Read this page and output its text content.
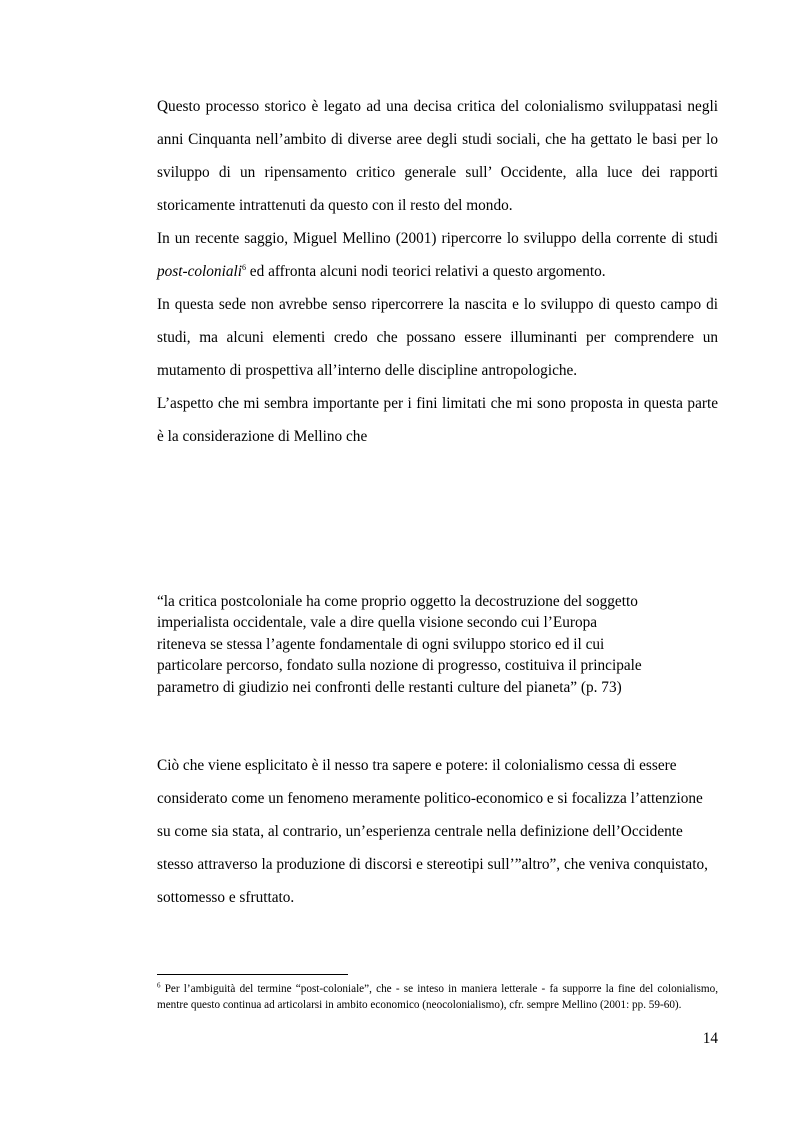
Questo processo storico è legato ad una decisa critica del colonialismo sviluppatasi negli anni Cinquanta nell’ambito di diverse aree degli studi sociali, che ha gettato le basi per lo sviluppo di un ripensamento critico generale sull’ Occidente, alla luce dei rapporti storicamente intrattenuti da questo con il resto del mondo.

In un recente saggio, Miguel Mellino (2001) ripercorre lo sviluppo della corrente di studi post-coloniali$^6$ ed affronta alcuni nodi teorici relativi a questo argomento.

In questa sede non avrebbe senso ripercorrere la nascita e lo sviluppo di questo campo di studi, ma alcuni elementi credo che possano essere illuminanti per comprendere un mutamento di prospettiva all’interno delle discipline antropologiche.

L’aspetto che mi sembra importante per i fini limitati che mi sono proposta in questa parte è la considerazione di Mellino che

“la critica postcoloniale ha come proprio oggetto la decostruzione del soggetto
imperialista occidentale, vale a dire quella visione secondo cui l’Europa
riteneva se stessa l’agente fondamentale di ogni sviluppo storico ed il cui
particolare percorso, fondato sulla nozione di progresso, costituiva il principale
parametro di giudizio nei confronti delle restanti culture del pianeta” (p. 73)

Ciò che viene esplicitato è il nesso tra sapere e potere: il colonialismo cessa di essere considerato come un fenomeno meramente politico-economico e si focalizza l’attenzione su come sia stata, al contrario, un’esperienza centrale nella definizione dell’Occidente stesso attraverso la produzione di discorsi e stereotipi sull’”altro”, che veniva conquistato, sottomesso e sfruttato.

$^6$ Per l’ambiguità del termine “post-coloniale”, che - se inteso in maniera letterale - fa supporre la fine del colonialismo, mentre questo continua ad articolarsi in ambito economico (neocolonialismo), cfr. sempre Mellino (2001: pp. 59-60).

14
